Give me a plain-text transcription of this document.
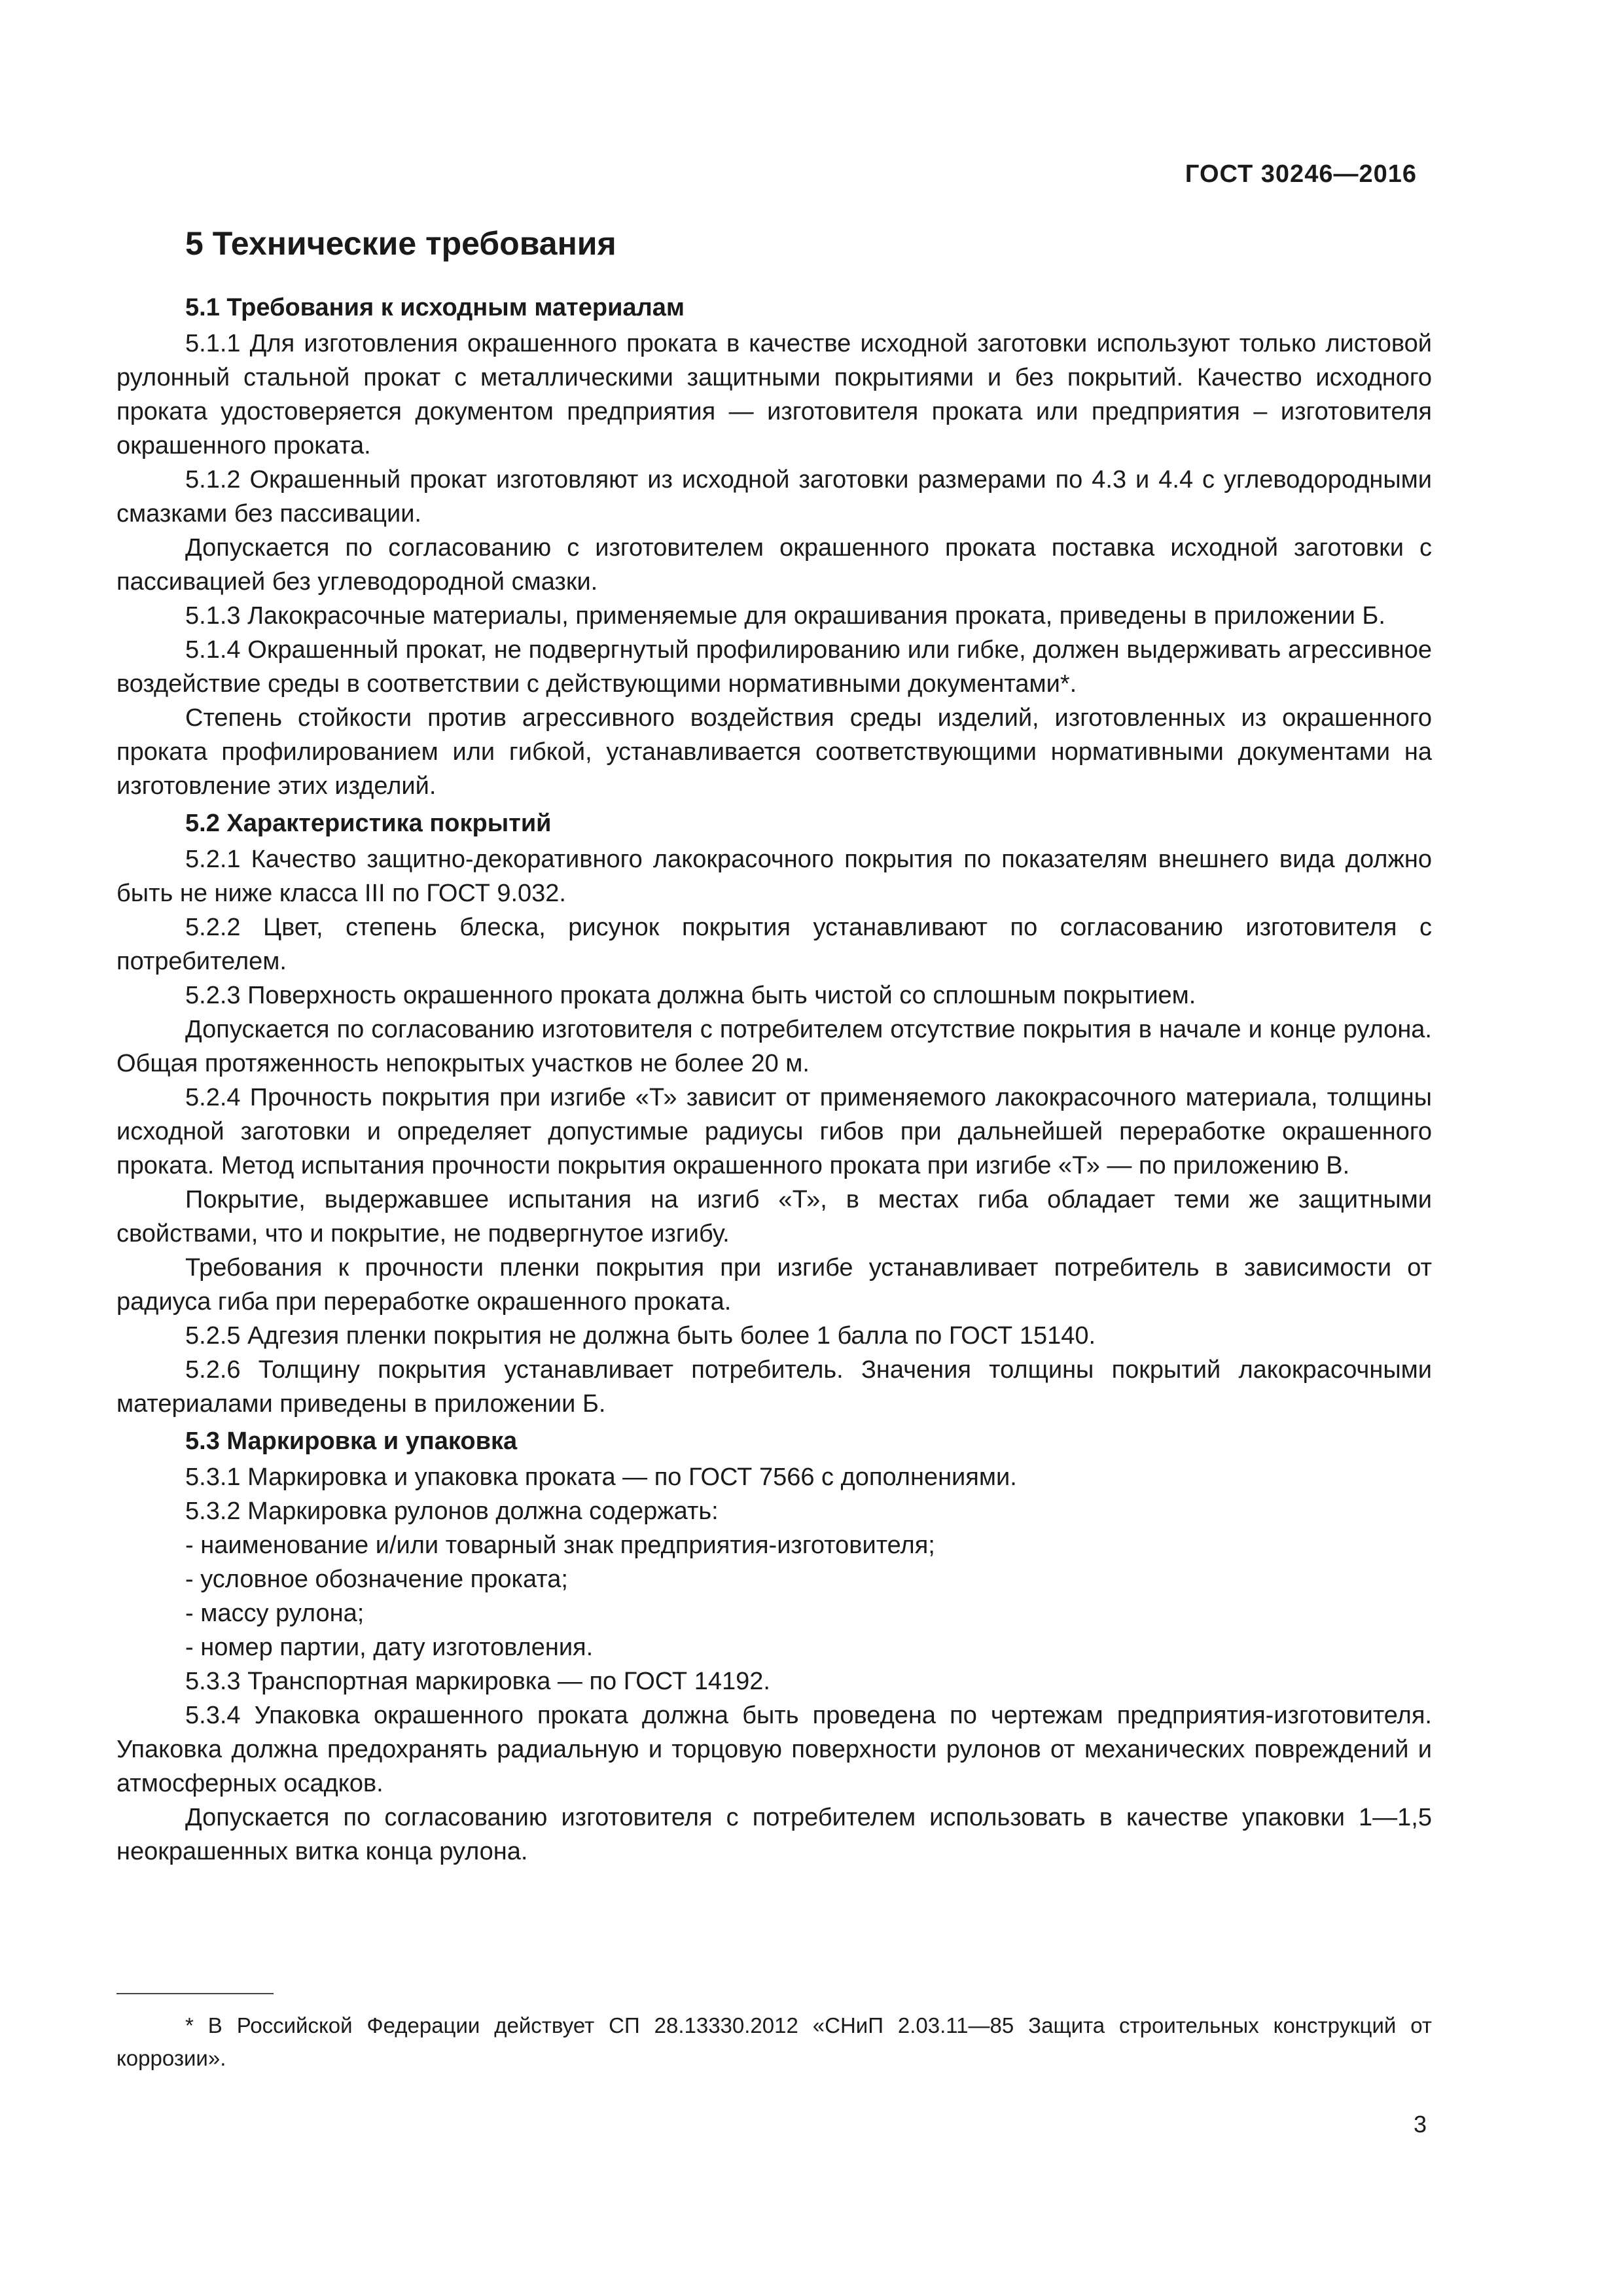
ГОСТ 30246—2016
5 Технические требования
5.1 Требования к исходным материалам

5.1.1 Для изготовления окрашенного проката в качестве исходной заготовки используют только листовой рулонный стальной прокат с металлическими защитными покрытиями и без покрытий. Качество исходного проката удостоверяется документом предприятия — изготовителя проката или предприятия – изготовителя окрашенного проката.

5.1.2 Окрашенный прокат изготовляют из исходной заготовки размерами по 4.3 и 4.4 с углеводородными смазками без пассивации.

Допускается по согласованию с изготовителем окрашенного проката поставка исходной заготовки с пассивацией без углеводородной смазки.

5.1.3 Лакокрасочные материалы, применяемые для окрашивания проката, приведены в приложении Б.

5.1.4 Окрашенный прокат, не подвергнутый профилированию или гибке, должен выдерживать агрессивное воздействие среды в соответствии с действующими нормативными документами*.

Степень стойкости против агрессивного воздействия среды изделий, изготовленных из окрашенного проката профилированием или гибкой, устанавливается соответствующими нормативными документами на изготовление этих изделий.

5.2 Характеристика покрытий

5.2.1 Качество защитно-декоративного лакокрасочного покрытия по показателям внешнего вида должно быть не ниже класса III по ГОСТ 9.032.

5.2.2 Цвет, степень блеска, рисунок покрытия устанавливают по согласованию изготовителя с потребителем.

5.2.3 Поверхность окрашенного проката должна быть чистой со сплошным покрытием.

Допускается по согласованию изготовителя с потребителем отсутствие покрытия в начале и конце рулона. Общая протяженность непокрытых участков не более 20 м.

5.2.4 Прочность покрытия при изгибе «Т» зависит от применяемого лакокрасочного материала, толщины исходной заготовки и определяет допустимые радиусы гибов при дальнейшей переработке окрашенного проката. Метод испытания прочности покрытия окрашенного проката при изгибе «Т» — по приложению В.

Покрытие, выдержавшее испытания на изгиб «Т», в местах гиба обладает теми же защитными свойствами, что и покрытие, не подвергнутое изгибу.

Требования к прочности пленки покрытия при изгибе устанавливает потребитель в зависимости от радиуса гиба при переработке окрашенного проката.

5.2.5 Адгезия пленки покрытия не должна быть более 1 балла по ГОСТ 15140.

5.2.6 Толщину покрытия устанавливает потребитель. Значения толщины покрытий лакокрасочными материалами приведены в приложении Б.

5.3 Маркировка и упаковка

5.3.1 Маркировка и упаковка проката — по ГОСТ 7566 с дополнениями.

5.3.2 Маркировка рулонов должна содержать:

- наименование и/или товарный знак предприятия-изготовителя;

- условное обозначение проката;

- массу рулона;

- номер партии, дату изготовления.

5.3.3 Транспортная маркировка — по ГОСТ 14192.

5.3.4 Упаковка окрашенного проката должна быть проведена по чертежам предприятия-изготовителя. Упаковка должна предохранять радиальную и торцовую поверхности рулонов от механических повреждений и атмосферных осадков.

Допускается по согласованию изготовителя с потребителем использовать в качестве упаковки 1—1,5 неокрашенных витка конца рулона.

* В Российской Федерации действует СП 28.13330.2012 «СНиП 2.03.11—85 Защита строительных конструкций от коррозии».

3
